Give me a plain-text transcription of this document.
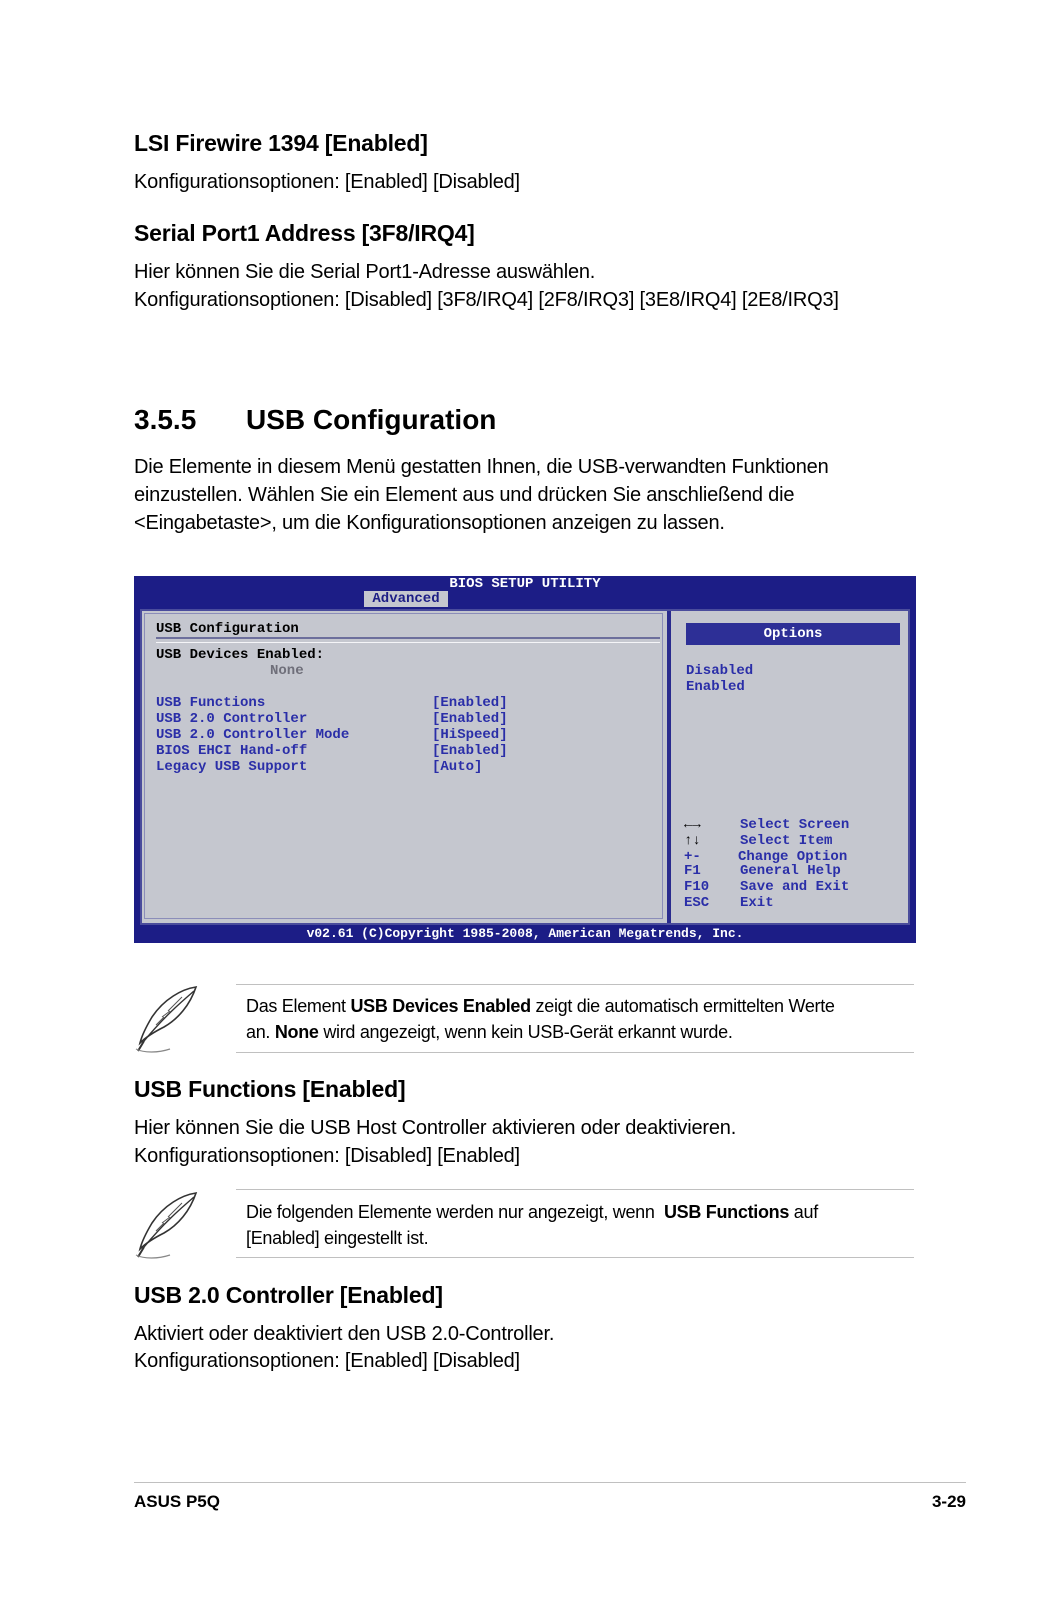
LSI Firewire 1394 [Enabled]
Konfigurationsoptionen: [Enabled] [Disabled]
Serial Port1 Address [3F8/IRQ4]
Hier können Sie die Serial Port1-Adresse auswählen.
Konfigurationsoptionen: [Disabled] [3F8/IRQ4] [2F8/IRQ3] [3E8/IRQ4] [2E8/IRQ3]
3.5.5 USB Configuration
Die Elemente in diesem Menü gestatten Ihnen, die USB-verwandten Funktionen
einzustellen. Wählen Sie ein Element aus und drücken Sie anschließend die
<Eingabetaste>, um die Konfigurationsoptionen anzeigen zu lassen.
BIOS SETUP UTILITY
Advanced
USB Configuration
USB Devices Enabled:
None
USB Functions	[Enabled]
USB 2.0 Controller	[Enabled]
USB 2.0 Controller Mode	[HiSpeed]
BIOS EHCI Hand-off	[Enabled]
Legacy USB Support	[Auto]
Options
Disabled
Enabled
←→	Select Screen
↑↓	Select Item
+-	Change Option
F1	General Help
F10 Save and Exit
ESC Exit
v02.61 (C)Copyright 1985-2008, American Megatrends, Inc.
Das Element USB Devices Enabled zeigt die automatisch ermittelten Werte
an. None wird angezeigt, wenn kein USB-Gerät erkannt wurde.
USB Functions [Enabled]
Hier können Sie die USB Host Controller aktivieren oder deaktivieren.
Konfigurationsoptionen: [Disabled] [Enabled]
Die folgenden Elemente werden nur angezeigt, wenn  USB Functions auf
[Enabled] eingestellt ist.
USB 2.0 Controller [Enabled]
Aktiviert oder deaktiviert den USB 2.0-Controller.
Konfigurationsoptionen: [Enabled] [Disabled]
ASUS P5Q	3-29
